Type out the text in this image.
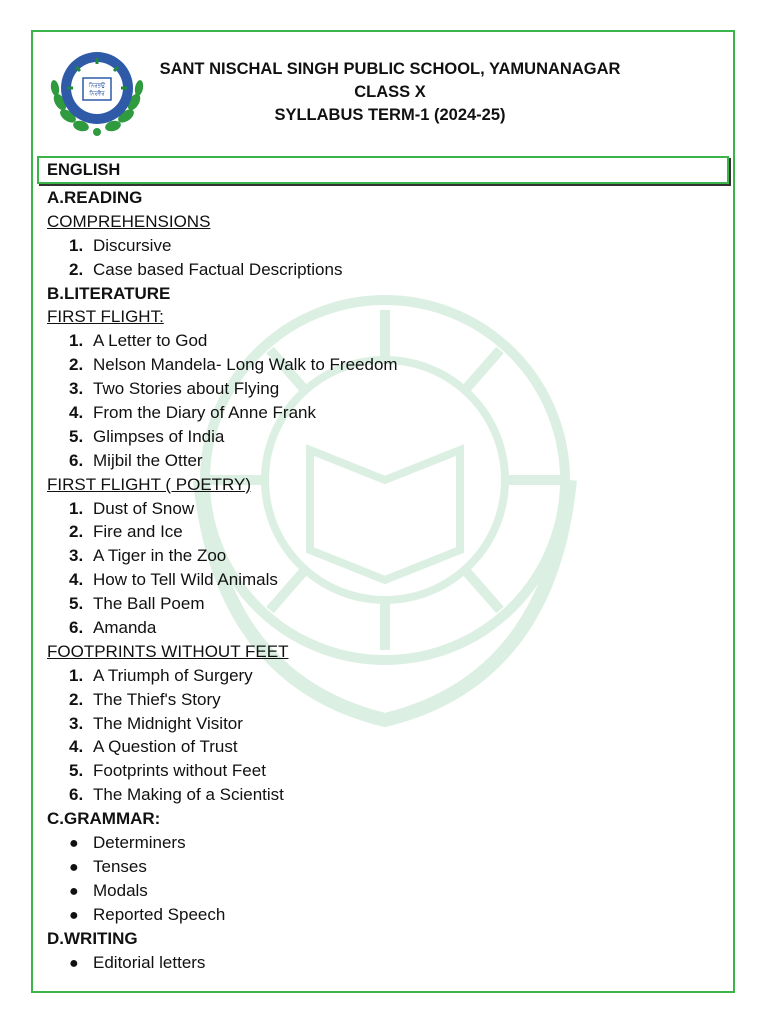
ਨਿਰਭਉ
ਨਿਰਵੈਰ
SANT NISCHAL SINGH PUBLIC SCHOOL, YAMUNANAGAR
CLASS X
SYLLABUS TERM-1 (2024-25)
ENGLISH
A.READING
COMPREHENSIONS
1. Discursive
2. Case based Factual Descriptions
B.LITERATURE
FIRST FLIGHT:
1. A Letter to God
2. Nelson Mandela- Long Walk to Freedom
3. Two Stories about Flying
4. From the Diary of Anne Frank
5. Glimpses of India
6. Mijbil the Otter
FIRST FLIGHT ( POETRY)
1. Dust of Snow
2. Fire and Ice
3. A Tiger in the Zoo
4. How to Tell Wild Animals
5. The Ball Poem
6. Amanda
FOOTPRINTS WITHOUT FEET
1. A Triumph of Surgery
2. The Thief's Story
3. The Midnight Visitor
4. A Question of Trust
5. Footprints without Feet
6. The Making of a Scientist
C.GRAMMAR:
● Determiners
● Tenses
● Modals
● Reported Speech
D.WRITING
● Editorial letters
